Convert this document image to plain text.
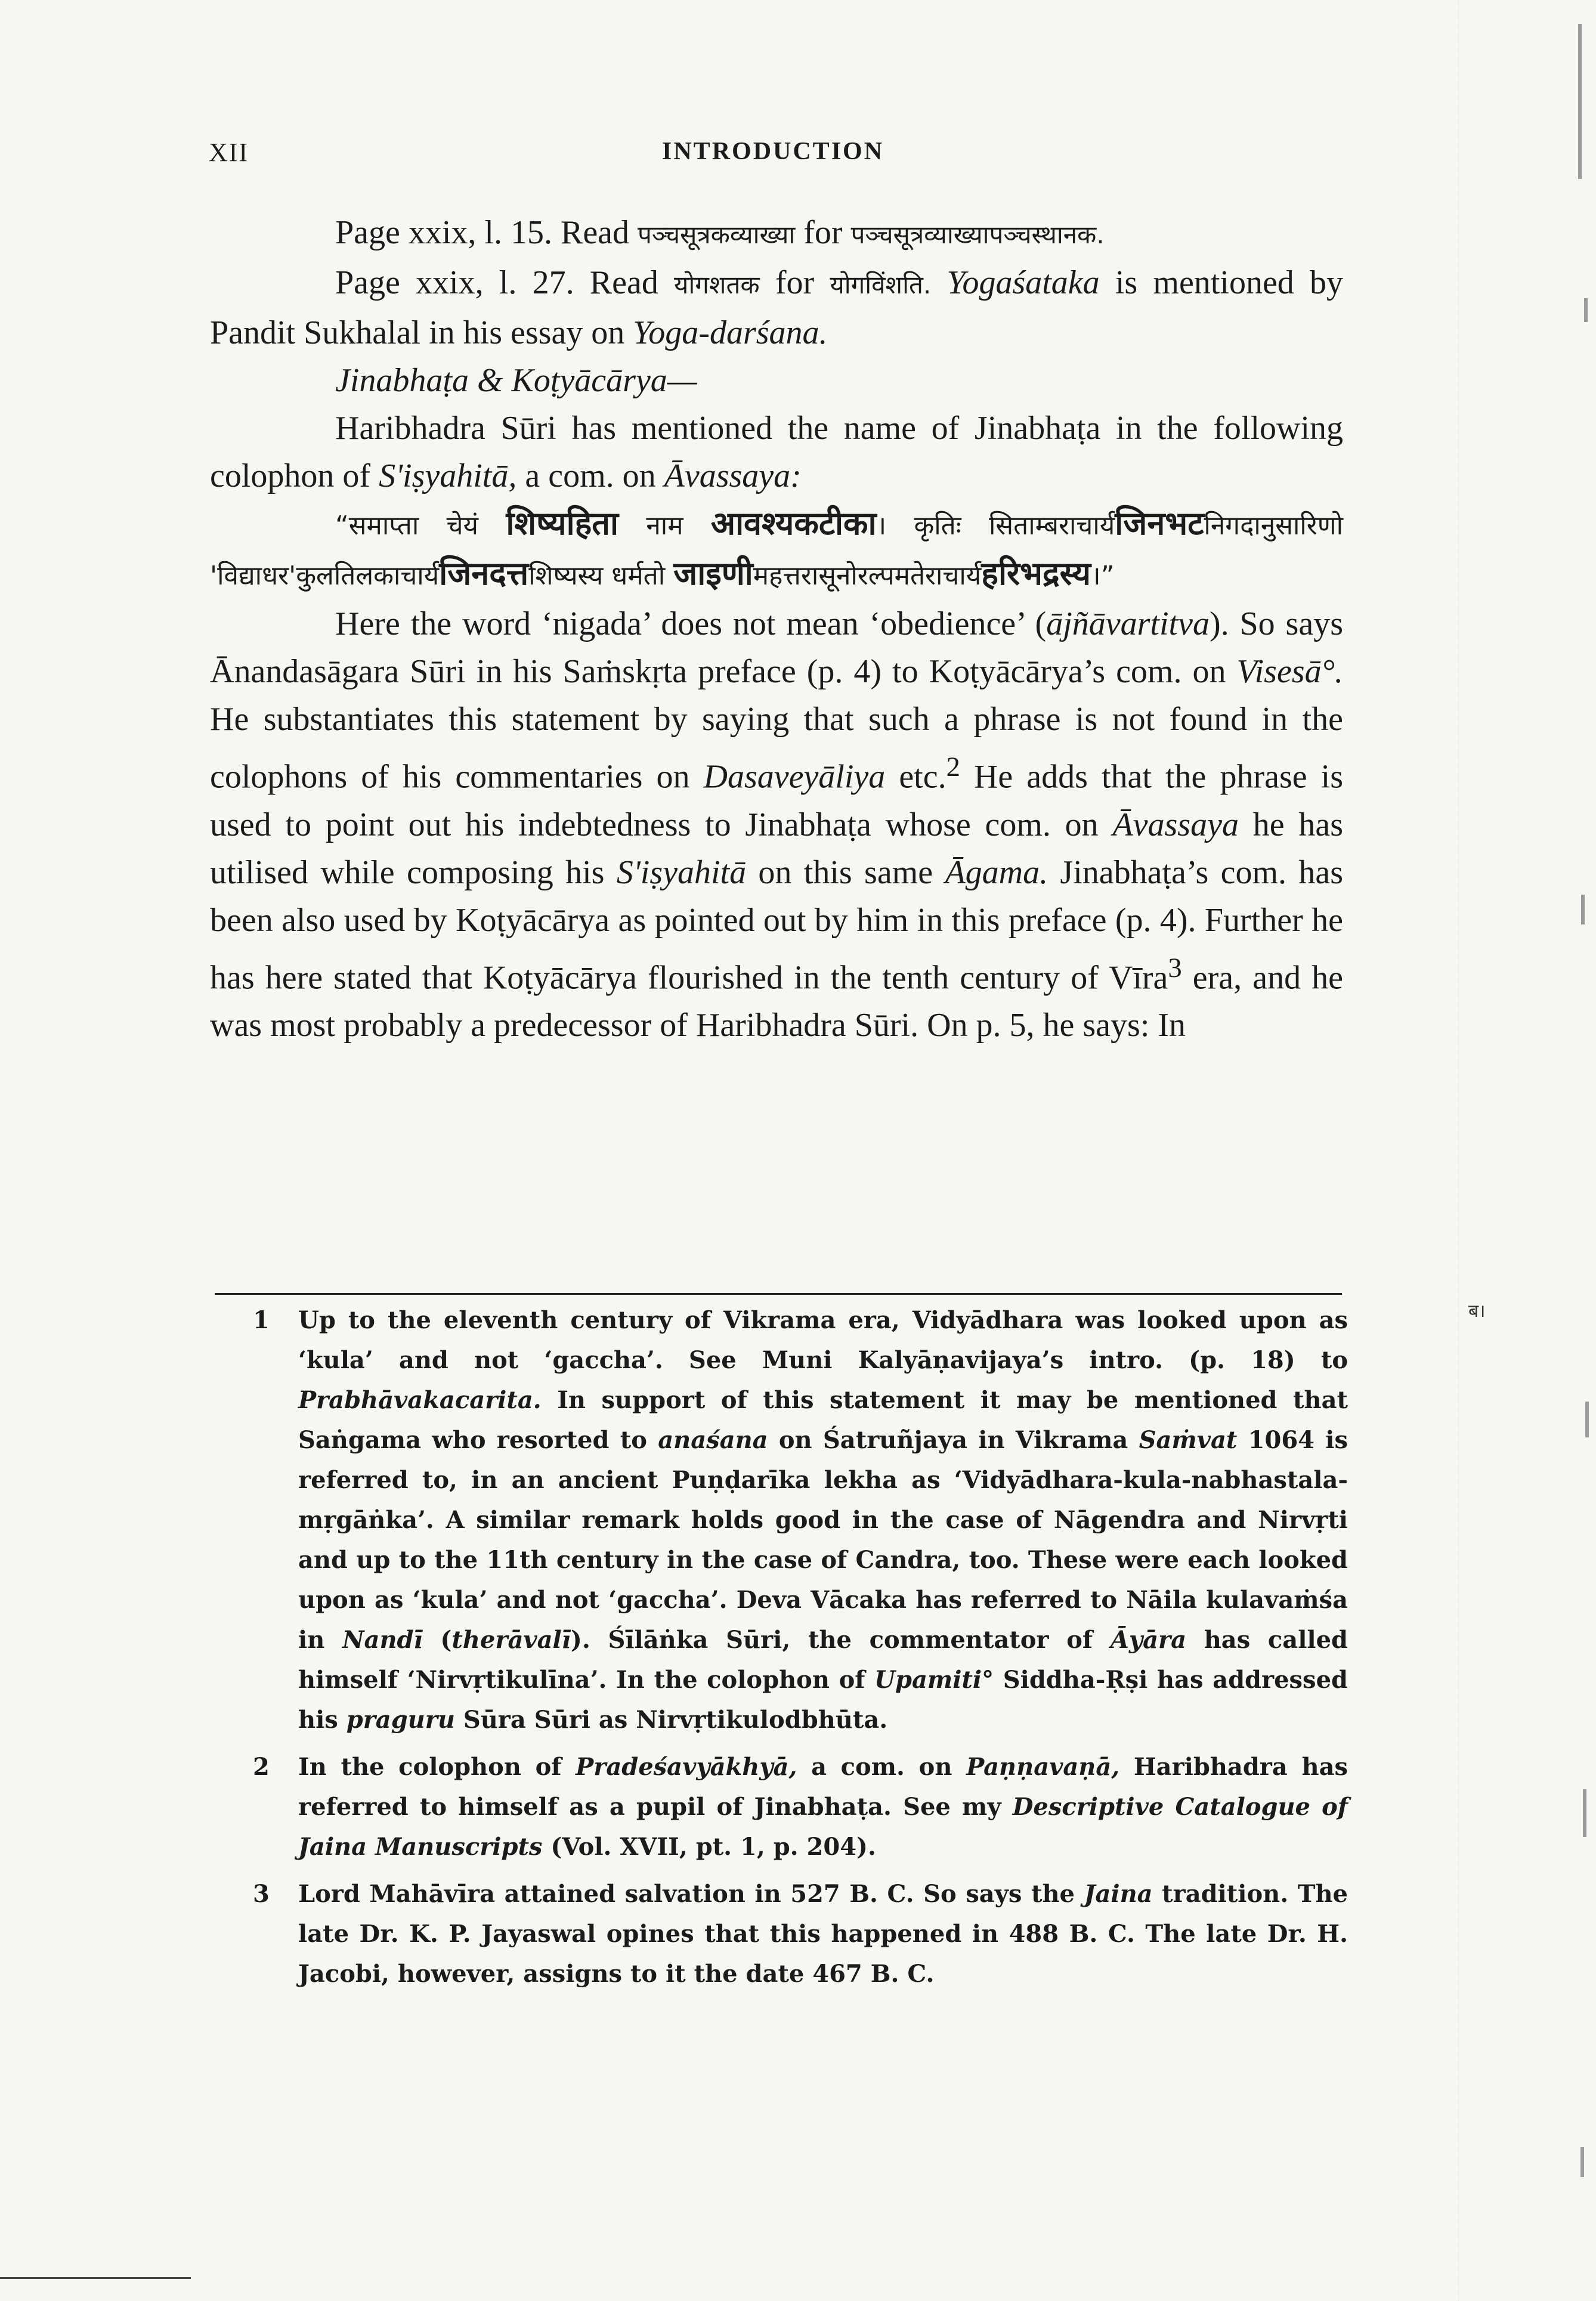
XII	INTRODUCTION

Page xxix, l. 15. Read पञ्चसूत्रकव्याख्या for पञ्चसूत्रव्याख्यापञ्चस्थानक.

Page xxix, l. 27. Read योगशतक for योगविंशति. Yogaśataka is mentioned by Pandit Sukhalal in his essay on Yoga-darśana.

Jinabhaṭa & Koṭyācārya—

Haribhadra Sūri has mentioned the name of Jinabhaṭa in the following colophon of S'iṣyahitā, a com. on Āvassaya:

“समाप्ता चेयं शिष्यहिता नाम आवश्यकटीका। कृतिः सिताम्बराचार्यजिनभटनिगदानुसारिणो 'विद्याधर'कुलतिलकाचार्यजिनदत्तशिष्यस्य धर्मतो जाइणीमहत्तरासूनोरल्पमतेराचार्यहरिभद्रस्य।”

Here the word ‘nigada’ does not mean ‘obedience’ (ājñāvartitva). So says Ānandasāgara Sūri in his Saṁskṛta preface (p. 4) to Koṭyācārya’s com. on Visesā°. He substantiates this statement by saying that such a phrase is not found in the colophons of his commentaries on Dasaveyāliya etc.$^2$ He adds that the phrase is used to point out his indebtedness to Jinabhaṭa whose com. on Āvassaya he has utilised while composing his S'iṣyahitā on this same Āgama. Jinabhaṭa’s com. has been also used by Koṭyācārya as pointed out by him in this preface (p. 4). Further he has here stated that Koṭyācārya flourished in the tenth century of Vīra$^3$ era, and he was most probably a predecessor of Haribhadra Sūri. On p. 5, he says: In

1 Up to the eleventh century of Vikrama era, Vidyādhara was looked upon as ‘kula’ and not ‘gaccha’. See Muni Kalyāṇavijaya’s intro. (p. 18) to Prabhāvakacarita. In support of this statement it may be mentioned that Saṅgama who resorted to anaśana on Śatruñjaya in Vikrama Saṁvat 1064 is referred to, in an ancient Puṇḍarīka lekha as ‘Vidyādhara-kula-nabhastala-mṛgāṅka’. A similar remark holds good in the case of Nāgendra and Nirvṛti and up to the 11th century in the case of Candra, too. These were each looked upon as ‘kula’ and not ‘gaccha’. Deva Vācaka has referred to Nāila kulavaṁśa in Nandī (therāvalī). Śīlāṅka Sūri, the commentator of Āyāra has called himself ‘Nirvṛtikulīna’. In the colophon of Upamiti° Siddha-Ṛṣi has addressed his praguru Sūra Sūri as Nirvṛtikulodbhūta.
2 In the colophon of Pradeśavyākhyā, a com. on Paṇṇavaṇā, Haribhadra has referred to himself as a pupil of Jinabhaṭa. See my Descriptive Catalogue of Jaina Manuscripts (Vol. XVII, pt. 1, p. 204).
3 Lord Mahāvīra attained salvation in 527 B. C. So says the Jaina tradition. The late Dr. K. P. Jayaswal opines that this happened in 488 B. C. The late Dr. H. Jacobi, however, assigns to it the date 467 B. C.
ब।
